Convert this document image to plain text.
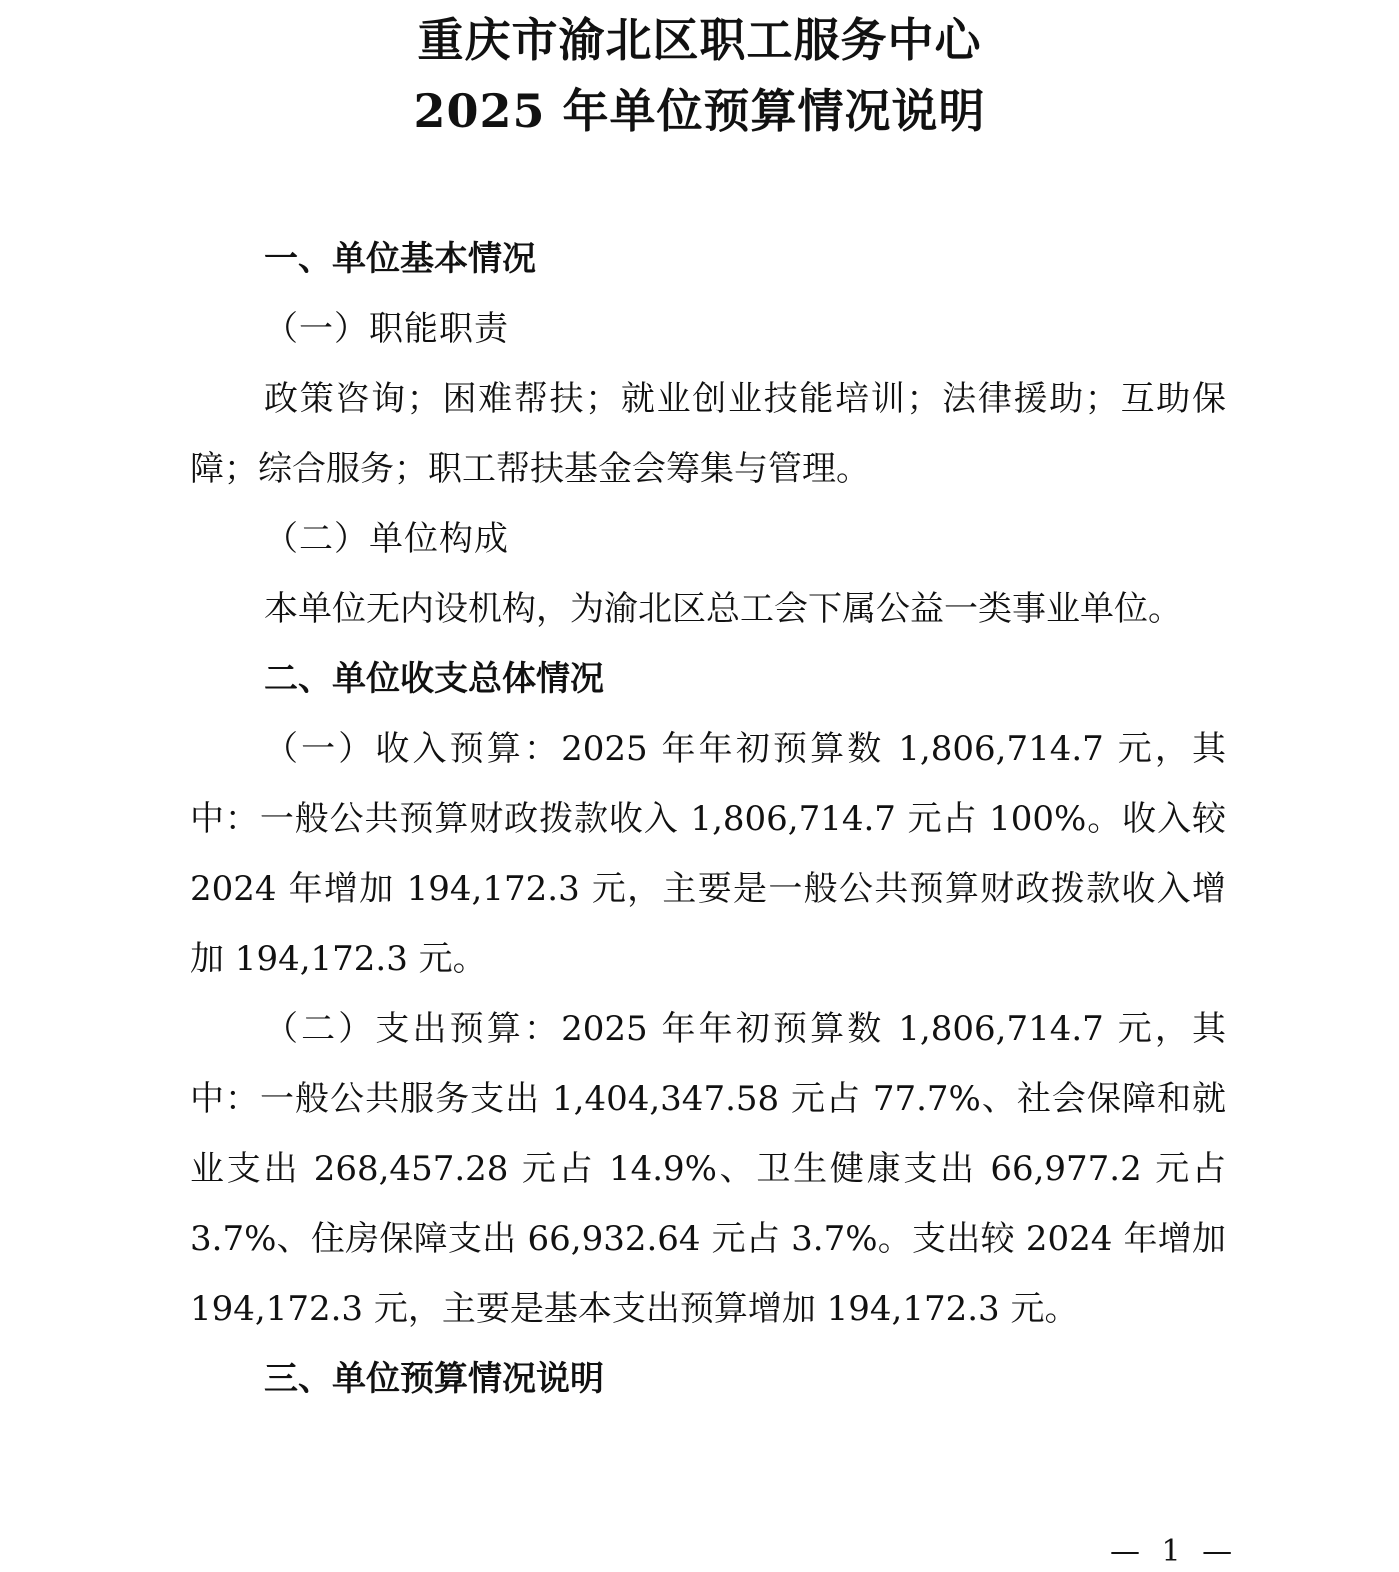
重庆市渝北区职工服务中心
2025 年单位预算情况说明

一、单位基本情况

（一）职能职责

政策咨询；困难帮扶；就业创业技能培训；法律援助；互助保障；综合服务；职工帮扶基金会筹集与管理。

（二）单位构成

本单位无内设机构，为渝北区总工会下属公益一类事业单位。

二、单位收支总体情况

（一）收入预算：2025 年年初预算数 1,806,714.7 元，其中：一般公共预算财政拨款收入 1,806,714.7 元占 100%。收入较 2024 年增加 194,172.3 元，主要是一般公共预算财政拨款收入增加 194,172.3 元。

（二）支出预算：2025 年年初预算数 1,806,714.7 元，其中：一般公共服务支出 1,404,347.58 元占 77.7%、社会保障和就业支出 268,457.28 元占 14.9%、卫生健康支出 66,977.2 元占 3.7%、住房保障支出 66,932.64 元占 3.7%。支出较 2024 年增加 194,172.3 元，主要是基本支出预算增加 194,172.3 元。

三、单位预算情况说明

— 1 —
